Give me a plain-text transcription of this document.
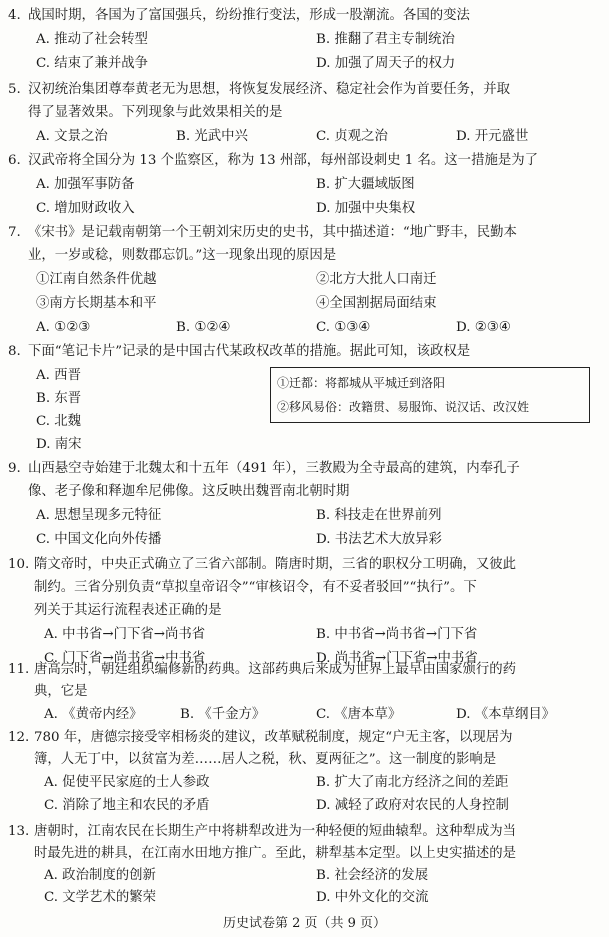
4. 战国时期，各国为了富国强兵，纷纷推行变法，形成一股潮流。各国的变法
A. 推动了社会转型	B. 推翻了君主专制统治
C. 结束了兼并战争	D. 加强了周天子的权力
5. 汉初统治集团尊奉黄老无为思想，将恢复发展经济、稳定社会作为首要任务，并取
得了显著效果。下列现象与此效果相关的是
A. 文景之治	B. 光武中兴	C. 贞观之治	D. 开元盛世
6. 汉武帝将全国分为 13 个监察区，称为 13 州部，每州部设刺史 1 名。这一措施是为了
A. 加强军事防备	B. 扩大疆域版图
C. 增加财政收入	D. 加强中央集权
7. 《宋书》是记载南朝第一个王朝刘宋历史的史书，其中描述道：“地广野丰，民勤本
业，一岁或稔，则数郡忘饥。”这一现象出现的原因是
①江南自然条件优越	②北方大批人口南迁
③南方长期基本和平	④全国割据局面结束
A. ①②③	B. ①②④	C. ①③④	D. ②③④
8. 下面“笔记卡片”记录的是中国古代某政权改革的措施。据此可知，该政权是
A. 西晋
B. 东晋
C. 北魏
D. 南宋
①迁都：将都城从平城迁到洛阳
②移风易俗：改籍贯、易服饰、说汉话、改汉姓
9. 山西悬空寺始建于北魏太和十五年（491 年），三教殿为全寺最高的建筑，内奉孔子
像、老子像和释迦牟尼佛像。这反映出魏晋南北朝时期
A. 思想呈现多元特征	B. 科技走在世界前列
C. 中国文化向外传播	D. 书法艺术大放异彩
10. 隋文帝时，中央正式确立了三省六部制。隋唐时期，三省的职权分工明确，又彼此
制约。三省分别负责“草拟皇帝诏令”“审核诏令，有不妥者驳回”“执行”。下
列关于其运行流程表述正确的是
A. 中书省→门下省→尚书省	B. 中书省→尚书省→门下省
C. 门下省→尚书省→中书省	D. 尚书省→门下省→中书省
11. 唐高宗时，朝廷组织编修新的药典。这部药典后来成为世界上最早由国家颁行的药
典，它是
A. 《黄帝内经》	B. 《千金方》	C. 《唐本草》	D. 《本草纲目》
12. 780 年，唐德宗接受宰相杨炎的建议，改革赋税制度，规定“户无主客，以现居为
簿，人无丁中，以贫富为差……居人之税，秋、夏两征之”。这一制度的影响是
A. 促使平民家庭的士人参政	B. 扩大了南北方经济之间的差距
C. 消除了地主和农民的矛盾	D. 减轻了政府对农民的人身控制
13. 唐朝时，江南农民在长期生产中将耕犁改进为一种轻便的短曲辕犁。这种犁成为当
时最先进的耕具，在江南水田地方推广。至此，耕犁基本定型。以上史实描述的是
A. 政治制度的创新	B. 社会经济的发展
C. 文学艺术的繁荣	D. 中外文化的交流
历史试卷第 2 页（共 9 页）
